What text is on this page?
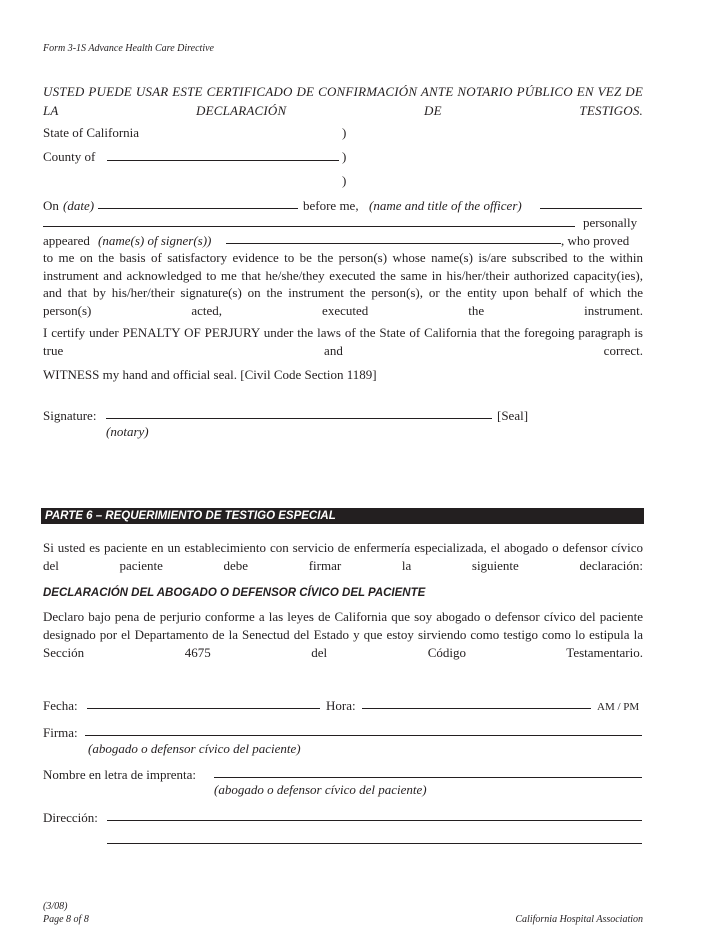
Form 3-1S Advance Health Care Directive
USTED PUEDE USAR ESTE CERTIFICADO DE CONFIRMACIÓN ANTE NOTARIO PÚBLICO EN VEZ DE LA DECLARACIÓN DE TESTIGOS.
State of California	)
County of	)
)
On (date)	before me, (name and title of the officer)
personally
appeared (name(s) of signer(s))	, who proved
to me on the basis of satisfactory evidence to be the person(s) whose name(s) is/are subscribed to the within instrument and acknowledged to me that he/she/they executed the same in his/her/their authorized capacity(ies), and that by his/her/their signature(s) on the instrument the person(s), or the entity upon behalf of which the person(s) acted, executed the instrument.
I certify under PENALTY OF PERJURY under the laws of the State of California that the foregoing paragraph is true and correct.
WITNESS my hand and official seal. [Civil Code Section 1189]
Signature:	[Seal]
(notary)
PARTE 6 – REQUERIMIENTO DE TESTIGO ESPECIAL
Si usted es paciente en un establecimiento con servicio de enfermería especializada, el abogado o defensor cívico del paciente debe firmar la siguiente declaración:
DECLARACIÓN DEL ABOGADO O DEFENSOR CÍVICO DEL PACIENTE
Declaro bajo pena de perjurio conforme a las leyes de California que soy abogado o defensor cívico del paciente designado por el Departamento de la Senectud del Estado y que estoy sirviendo como testigo como lo estipula la Sección 4675 del Código Testamentario.
Fecha:	Hora:	AM / PM
Firma:
(abogado o defensor cívico del paciente)
Nombre en letra de imprenta:
(abogado o defensor cívico del paciente)
Dirección:
(3/08)
Page 8 of 8	California Hospital Association
